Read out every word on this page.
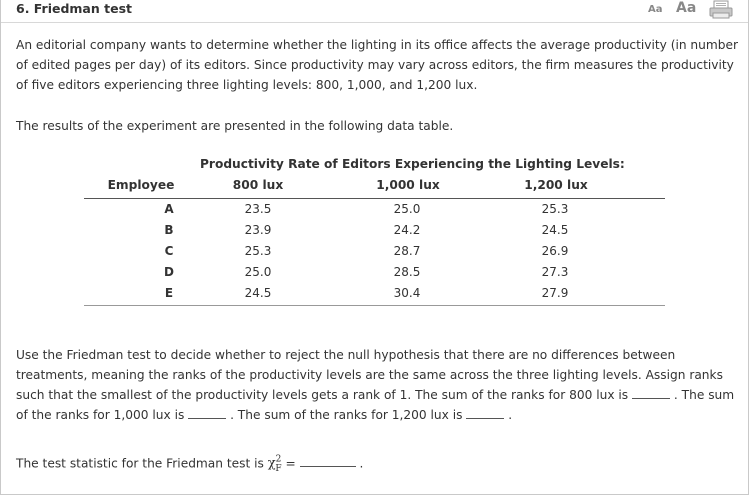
6. Friedman test	Aa Aa

An editorial company wants to determine whether the lighting in its office affects the average productivity (in number of edited pages per day) of its editors. Since productivity may vary across editors, the firm measures the productivity of five editors experiencing three lighting levels: 800, 1,000, and 1,200 lux.

The results of the experiment are presented in the following data table.

Productivity Rate of Editors Experiencing the Lighting Levels:
Employee	800 lux	1,000 lux	1,200 lux
A	23.5	25.0	25.3
B	23.9	24.2	24.5
C	25.3	28.7	26.9
D	25.0	28.5	27.3
E	24.5	30.4	27.9

Use the Friedman test to decide whether to reject the null hypothesis that there are no differences between treatments, meaning the ranks of the productivity levels are the same across the three lighting levels. Assign ranks such that the smallest of the productivity levels gets a rank of 1. The sum of the ranks for 800 lux is	. The sum of the ranks for 1,000 lux is	. The sum of the ranks for 1,200 lux is	.

The test statistic for the Friedman test is $\chi^2_F$ =	.
